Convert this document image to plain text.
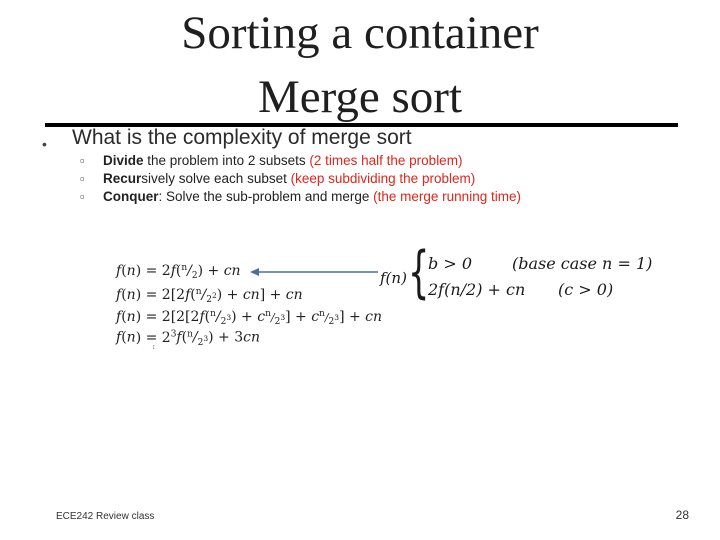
Sorting a container
Merge sort
• What is the complexity of merge sort
▫ Divide the problem into 2 subsets (2 times half the problem)
▫ Recursively solve each subset (keep subdividing the problem)
▫ Conquer: Solve the sub-problem and merge (the merge running time)
$f(n) = 2f(^n/_2)$ + cn
$f(n) = 2[2f(^n/_{2^2}) + cn]$ + cn
$f(n) = 2[2[2f(^n/_{2^3}) + c^n/_{2^3}] + c^n/_{2^3}]$ + cn
$f(n) = 2^3f(^n/_{2^3}) + 3cn$
↕
f(n) {
b > 0	(base case n = 1)
2f(n/2) + cn (c > 0)
ECE242 Review class	28
